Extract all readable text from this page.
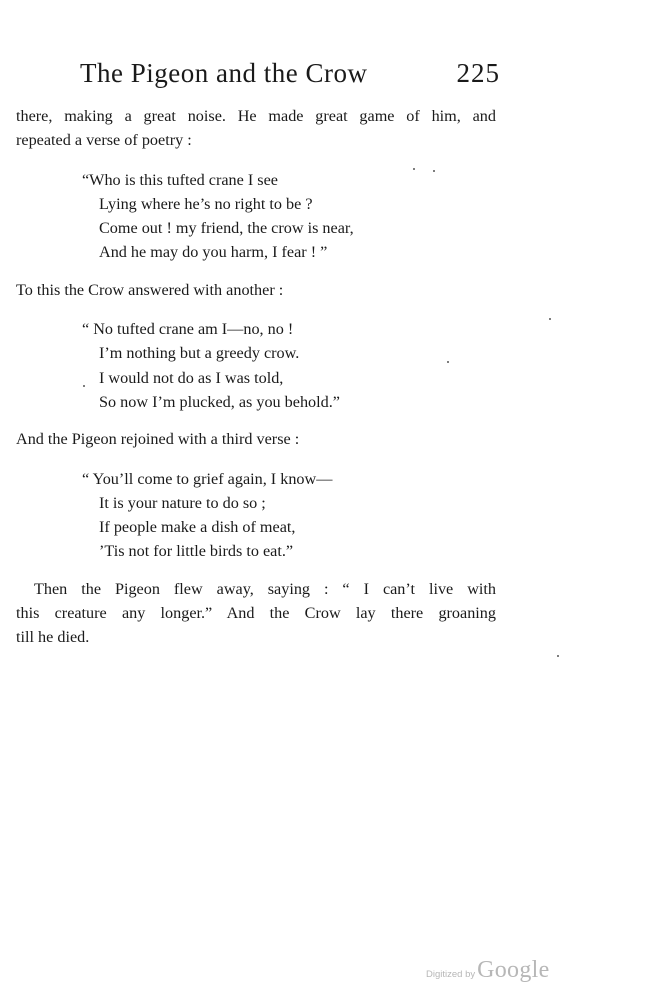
The Pigeon and the Crow	225
there, making a great noise. He made great game of him, and
repeated a verse of poetry :
“Who is this tufted crane I see
Lying where he’s no right to be ?
Come out ! my friend, the crow is near,
And he may do you harm, I fear ! ”
To this the Crow answered with another :
“ No tufted crane am I—no, no !
I’m nothing but a greedy crow.
I would not do as I was told,
So now I’m plucked, as you behold.”
And the Pigeon rejoined with a third verse :
“ You’ll come to grief again, I know—
It is your nature to do so ;
If people make a dish of meat,
’Tis not for little birds to eat.”
Then the Pigeon flew away, saying : “ I can’t live with
this creature any longer.” And the Crow lay there groaning
till he died.
Digitized byGoogle
